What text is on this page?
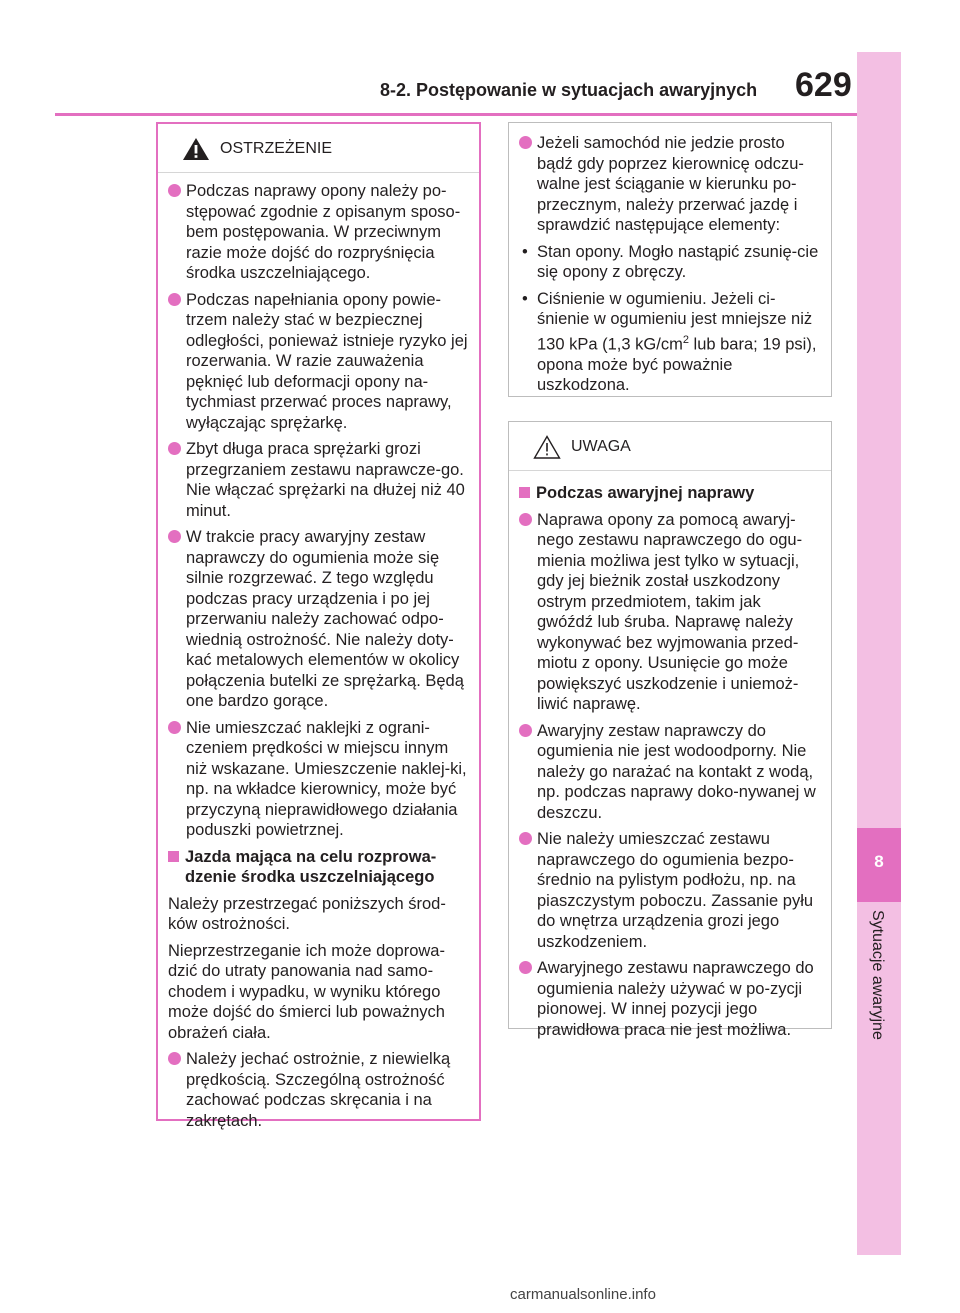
8-2. Postępowanie w sytuacjach awaryjnych 629
8
Sytuacje awaryjne
OSTRZEŻENIE
Podczas naprawy opony należy po-stępować zgodnie z opisanym sposo-bem postępowania. W przeciwnym razie może dojść do rozpryśnięcia środka uszczelniającego.
Podczas napełniania opony powie-trzem należy stać w bezpiecznej odległości, ponieważ istnieje ryzyko jej rozerwania. W razie zauważenia pęknięć lub deformacji opony na-tychmiast przerwać proces naprawy, wyłączając sprężarkę.
Zbyt długa praca sprężarki grozi przegrzaniem zestawu naprawcze-go. Nie włączać sprężarki na dłużej niż 40 minut.
W trakcie pracy awaryjny zestaw naprawczy do ogumienia może się silnie rozgrzewać. Z tego względu podczas pracy urządzenia i po jej przerwaniu należy zachować odpo-wiednią ostrożność. Nie należy doty-kać metalowych elementów w okolicy połączenia butelki ze sprężarką. Będą one bardzo gorące.
Nie umieszczać naklejki z ograni-czeniem prędkości w miejscu innym niż wskazane. Umieszczenie naklej-ki, np. na wkładce kierownicy, może być przyczyną nieprawidłowego działania poduszki powietrznej.
Jazda mająca na celu rozprowa-dzenie środka uszczelniającego
Należy przestrzegać poniższych środ-ków ostrożności.
Nieprzestrzeganie ich może doprowa-dzić do utraty panowania nad samo-chodem i wypadku, w wyniku którego może dojść do śmierci lub poważnych obrażeń ciała.
Należy jechać ostrożnie, z niewielką prędkością. Szczególną ostrożność zachować podczas skręcania i na zakrętach.
Jeżeli samochód nie jedzie prosto bądź gdy poprzez kierownicę odczu-walne jest ściąganie w kierunku po-przecznym, należy przerwać jazdę i sprawdzić następujące elementy:
• Stan opony. Mogło nastąpić zsunię-cie się opony z obręczy.
• Ciśnienie w ogumieniu. Jeżeli ci-śnienie w ogumieniu jest mniejsze niż 130 kPa (1,3 $kG/cm^2$ lub bara; 19 psi), opona może być poważnie uszkodzona.
UWAGA
Podczas awaryjnej naprawy
Naprawa opony za pomocą awaryj-nego zestawu naprawczego do ogu-mienia możliwa jest tylko w sytuacji, gdy jej bieżnik został uszkodzony ostrym przedmiotem, takim jak gwóźdź lub śruba. Naprawę należy wykonywać bez wyjmowania przed-miotu z opony. Usunięcie go może powiększyć uszkodzenie i uniemoż-liwić naprawę.
Awaryjny zestaw naprawczy do ogumienia nie jest wodoodporny. Nie należy go narażać na kontakt z wodą, np. podczas naprawy doko-nywanej w deszczu.
Nie należy umieszczać zestawu naprawczego do ogumienia bezpo-średnio na pylistym podłożu, np. na piaszczystym poboczu. Zassanie pyłu do wnętrza urządzenia grozi jego uszkodzeniem.
Awaryjnego zestawu naprawczego do ogumienia należy używać w po-zycji pionowej. W innej pozycji jego prawidłowa praca nie jest możliwa.
carmanualsonline.info
